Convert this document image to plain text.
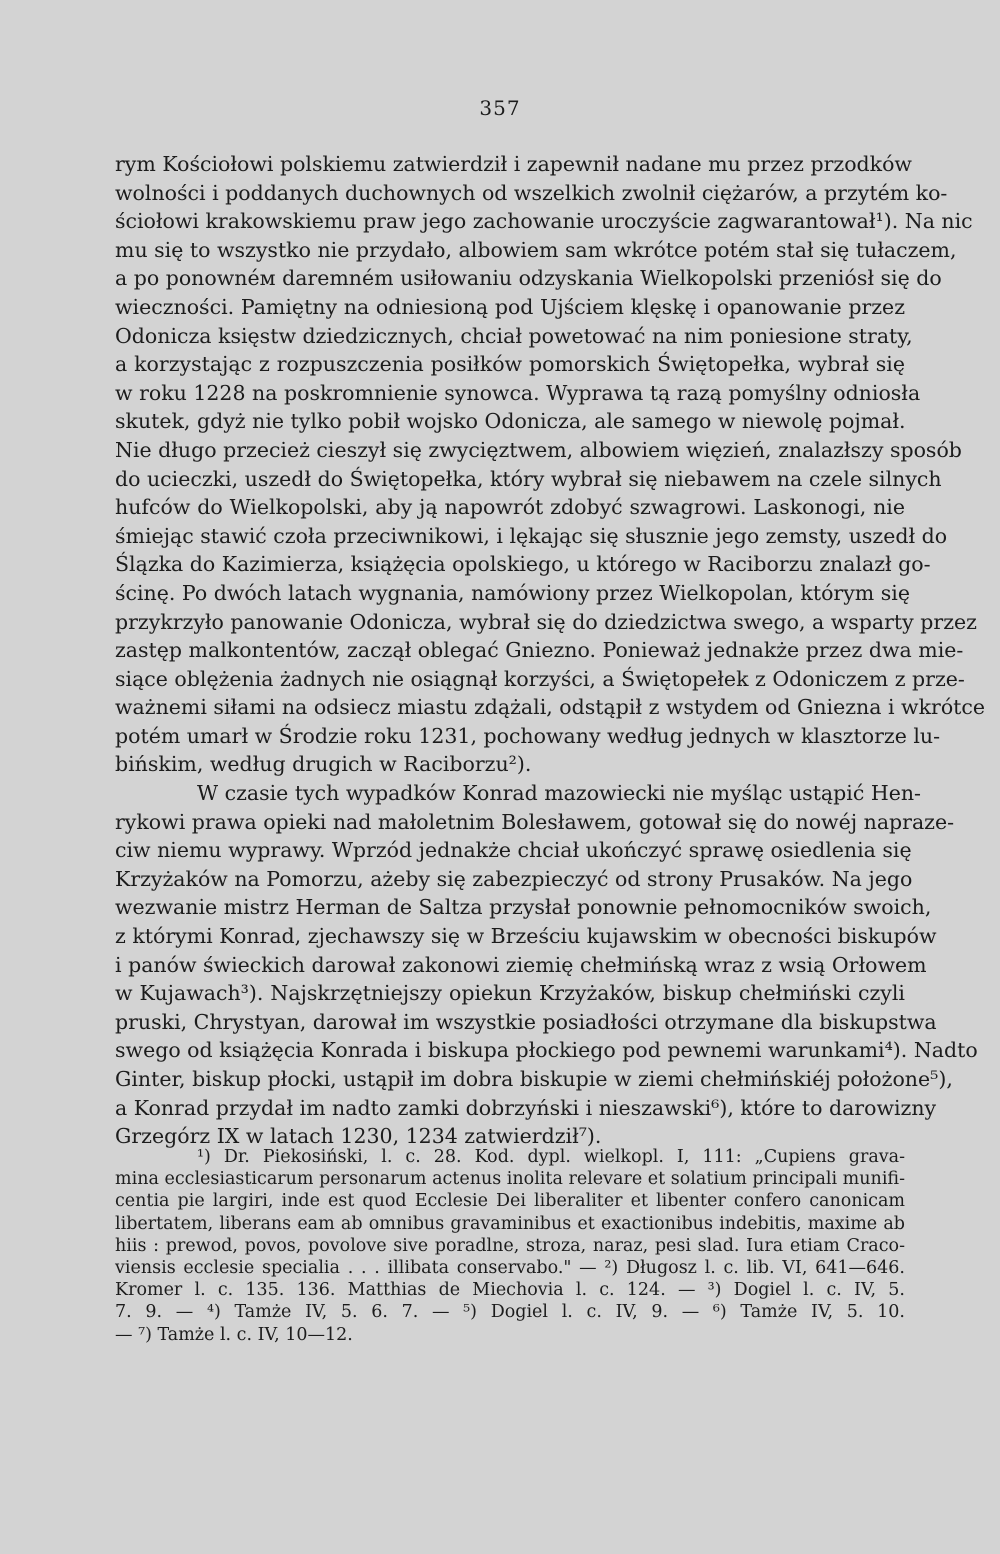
357
rym Kościołowi polskiemu zatwierdził i zapewnił nadane mu przez przodków
wolności i poddanych duchownych od wszelkich zwolnił ciężarów, a przytém ko-
ściołowi krakowskiemu praw jego zachowanie uroczyście zagwarantował¹). Na nic
mu się to wszystko nie przydało, albowiem sam wkrótce potém stał się tułaczem,
a po ponownéм daremném usiłowaniu odzyskania Wielkopolski przeniósł się do
wieczności. Pamiętny na odniesioną pod Ujściem klęskę i opanowanie przez
Odonicza księstw dziedzicznych, chciał powetować na nim poniesione straty,
a korzystając z rozpuszczenia posiłków pomorskich Świętopełka, wybrał się
w roku 1228 na poskromnienie synowca. Wyprawa tą razą pomyślny odniosła
skutek, gdyż nie tylko pobił wojsko Odonicza, ale samego w niewolę pojmał.
Nie długo przecież cieszył się zwycięztwem, albowiem więzień, znalazłszy sposób
do ucieczki, uszedł do Świętopełka, który wybrał się niebawem na czele silnych
hufców do Wielkopolski, aby ją napowrót zdobyć szwagrowi. Laskonogi, nie
śmiejąc stawić czoła przeciwnikowi, i lękając się słusznie jego zemsty, uszedł do
Ślązka do Kazimierza, książęcia opolskiego, u którego w Raciborzu znalazł go-
ścinę. Po dwóch latach wygnania, namówiony przez Wielkopolan, którym się
przykrzyło panowanie Odonicza, wybrał się do dziedzictwa swego, a wsparty przez
zastęp malkontentów, zaczął oblegać Gniezno. Ponieważ jednakże przez dwa mie-
siące oblężenia żadnych nie osiągnął korzyści, a Świętopełek z Odoniczem z prze-
ważnemi siłami na odsiecz miastu zdążali, odstąpił z wstydem od Gniezna i wkrótce
potém umarł w Środzie roku 1231, pochowany według jednych w klasztorze lu-
bińskim, według drugich w Raciborzu²).
W czasie tych wypadków Konrad mazowiecki nie myśląc ustąpić Hen-
rykowi prawa opieki nad małoletnim Bolesławem, gotował się do nowéj napraze-
ciw niemu wyprawy. Wprzód jednakże chciał ukończyć sprawę osiedlenia się
Krzyżaków na Pomorzu, ażeby się zabezpieczyć od strony Prusaków. Na jego
wezwanie mistrz Herman de Saltza przysłał ponownie pełnomocników swoich,
z którymi Konrad, zjechawszy się w Brześciu kujawskim w obecności biskupów
i panów świeckich darował zakonowi ziemię chełmińską wraz z wsią Orłowem
w Kujawach³). Najskrzętniejszy opiekun Krzyżaków, biskup chełmiński czyli
pruski, Chrystyan, darował im wszystkie posiadłości otrzymane dla biskupstwa
swego od książęcia Konrada i biskupa płockiego pod pewnemi warunkami⁴). Nadto
Ginter, biskup płocki, ustąpił im dobra biskupie w ziemi chełmińskiéj położone⁵),
a Konrad przydał im nadto zamki dobrzyński i nieszawski⁶), które to darowizny
Grzegórz IX w latach 1230, 1234 zatwierdził⁷).
¹) Dr. Piekosiński, l. c. 28. Kod. dypl. wielkopl. I, 111: „Cupiens grava-
mina ecclesiasticarum personarum actenus inolita relevare et solatium principali munifi-
centia pie largiri, inde est quod Ecclesie Dei liberaliter et libenter confero canonicam
libertatem, liberans eam ab omnibus gravaminibus et exactionibus indebitis, maxime ab
hiis : prewod, povos, povolove sive poradlne, stroza, naraz, pesi slad. Iura etiam Craco-
viensis ecclesie specialia . . . illibata conservabo." — ²) Długosz l. c. lib. VI, 641—646.
Kromer l. c. 135. 136. Matthias de Miechovia l. c. 124. — ³) Dogiel l. c. IV, 5.
7. 9. — ⁴) Tamże IV, 5. 6. 7. — ⁵) Dogiel l. c. IV, 9. — ⁶) Tamże IV, 5. 10.
— ⁷) Tamże l. c. IV, 10—12.
